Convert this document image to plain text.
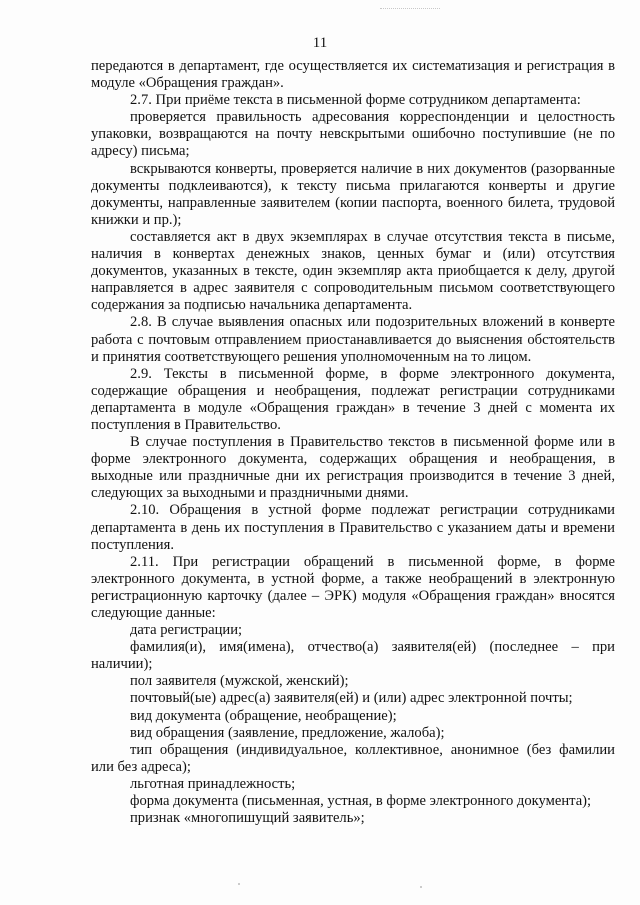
11

передаются в департамент, где осуществляется их систематизация и регистрация в модуле «Обращения граждан».

2.7. При приёме текста в письменной форме сотрудником департамента:

проверяется правильность адресования корреспонденции и целостность упаковки, возвращаются на почту невскрытыми ошибочно поступившие (не по адресу) письма;

вскрываются конверты, проверяется наличие в них документов (разорванные документы подклеиваются), к тексту письма прилагаются конверты и другие документы, направленные заявителем (копии паспорта, военного билета, трудовой книжки и пр.);

составляется акт в двух экземплярах в случае отсутствия текста в письме, наличия в конвертах денежных знаков, ценных бумаг и (или) отсутствия документов, указанных в тексте, один экземпляр акта приобщается к делу, другой направляется в адрес заявителя с сопроводительным письмом соответствующего содержания за подписью начальника департамента.

2.8. В случае выявления опасных или подозрительных вложений в конверте работа с почтовым отправлением приостанавливается до выяснения обстоятельств и принятия соответствующего решения уполномоченным на то лицом.

2.9. Тексты в письменной форме, в форме электронного документа, содержащие обращения и необращения, подлежат регистрации сотрудниками департамента в модуле «Обращения граждан» в течение 3 дней с момента их поступления в Правительство.

В случае поступления в Правительство текстов в письменной форме или в форме электронного документа, содержащих обращения и необращения, в выходные или праздничные дни их регистрация производится в течение 3 дней, следующих за выходными и праздничными днями.

2.10. Обращения в устной форме подлежат регистрации сотрудниками департамента в день их поступления в Правительство с указанием даты и времени поступления.

2.11. При регистрации обращений в письменной форме, в форме электронного документа, в устной форме, а также необращений в электронную регистрационную карточку (далее – ЭРК) модуля «Обращения граждан» вносятся следующие данные:

дата регистрации;

фамилия(и), имя(имена), отчество(а) заявителя(ей) (последнее – при наличии);

пол заявителя (мужской, женский);

почтовый(ые) адрес(а) заявителя(ей) и (или) адрес электронной почты;

вид документа (обращение, необращение);

вид обращения (заявление, предложение, жалоба);

тип обращения (индивидуальное, коллективное, анонимное (без фамилии или без адреса);

льготная принадлежность;

форма документа (письменная, устная, в форме электронного документа);

признак «многопишущий заявитель»;
